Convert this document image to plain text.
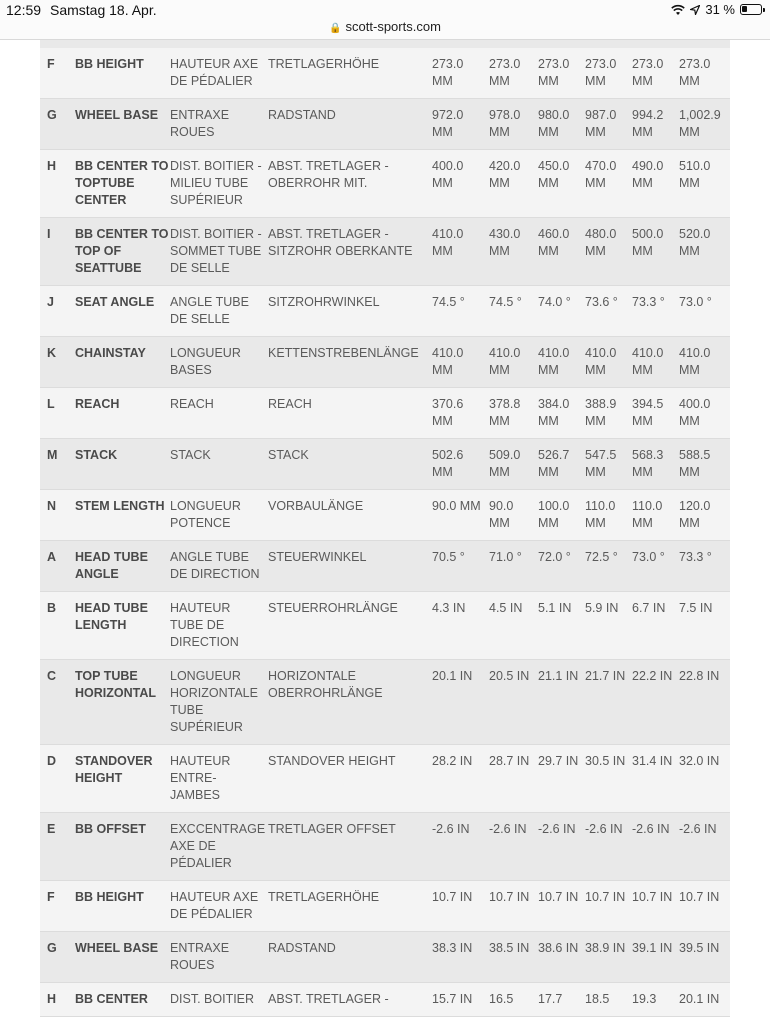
12:59 Samstag 18. Apr.
🔒 scott-sports.com
31 %
F	BB HEIGHT	HAUTEUR AXE DE PÉDALIER	TRETLAGERHÖHE	273.0 MM	273.0 MM	273.0 MM	273.0 MM	273.0 MM	273.0 MM
G	WHEEL BASE	ENTRAXE ROUES	RADSTAND	972.0 MM	978.0 MM	980.0 MM	987.0 MM	994.2 MM	1,002.9 MM
H	BB CENTER TO TOPTUBE CENTER	DIST. BOITIER - MILIEU TUBE SUPÉRIEUR	ABST. TRETLAGER - OBERROHR MIT.	400.0 MM	420.0 MM	450.0 MM	470.0 MM	490.0 MM	510.0 MM
I	BB CENTER TO TOP OF SEATTUBE	DIST. BOITIER - SOMMET TUBE DE SELLE	ABST. TRETLAGER - SITZROHR OBERKANTE	410.0 MM	430.0 MM	460.0 MM	480.0 MM	500.0 MM	520.0 MM
J	SEAT ANGLE	ANGLE TUBE DE SELLE	SITZROHRWINKEL	74.5 °	74.5 °	74.0 °	73.6 °	73.3 °	73.0 °
K	CHAINSTAY	LONGUEUR BASES	KETTENSTREBENLÄNGE	410.0 MM	410.0 MM	410.0 MM	410.0 MM	410.0 MM	410.0 MM
L	REACH	REACH	REACH	370.6 MM	378.8 MM	384.0 MM	388.9 MM	394.5 MM	400.0 MM
M	STACK	STACK	STACK	502.6 MM	509.0 MM	526.7 MM	547.5 MM	568.3 MM	588.5 MM
N	STEM LENGTH	LONGUEUR POTENCE	VORBAULÄNGE	90.0 MM	90.0 MM	100.0 MM	110.0 MM	110.0 MM	120.0 MM
A	HEAD TUBE ANGLE	ANGLE TUBE DE DIRECTION	STEUERWINKEL	70.5 °	71.0 °	72.0 °	72.5 °	73.0 °	73.3 °
B	HEAD TUBE LENGTH	HAUTEUR TUBE DE DIRECTION	STEUERROHRLÄNGE	4.3 IN	4.5 IN	5.1 IN	5.9 IN	6.7 IN	7.5 IN
C	TOP TUBE HORIZONTAL	LONGUEUR HORIZONTALE TUBE SUPÉRIEUR	HORIZONTALE OBERROHRLÄNGE	20.1 IN	20.5 IN	21.1 IN	21.7 IN	22.2 IN	22.8 IN
D	STANDOVER HEIGHT	HAUTEUR ENTRE-JAMBES	STANDOVER HEIGHT	28.2 IN	28.7 IN	29.7 IN	30.5 IN	31.4 IN	32.0 IN
E	BB OFFSET	EXCCENTRAGE AXE DE PÉDALIER	TRETLAGER OFFSET	-2.6 IN	-2.6 IN	-2.6 IN	-2.6 IN	-2.6 IN	-2.6 IN
F	BB HEIGHT	HAUTEUR AXE DE PÉDALIER	TRETLAGERHÖHE	10.7 IN	10.7 IN	10.7 IN	10.7 IN	10.7 IN	10.7 IN
G	WHEEL BASE	ENTRAXE ROUES	RADSTAND	38.3 IN	38.5 IN	38.6 IN	38.9 IN	39.1 IN	39.5 IN
H	BB CENTER	DIST. BOITIER	ABST. TRETLAGER -	15.7 IN	16.5	17.7	18.5	19.3	20.1 IN
